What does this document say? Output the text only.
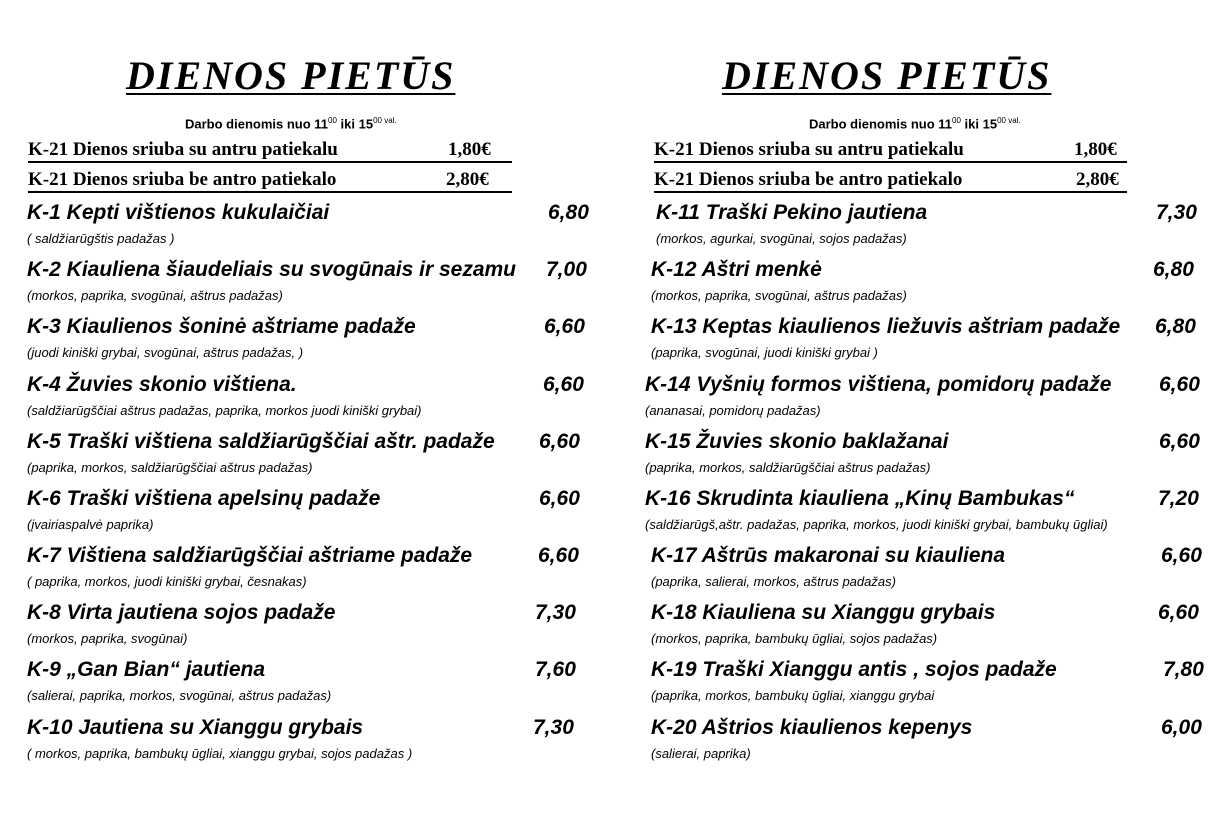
DIENOS PIETŪS
Darbo dienomis nuo $11^{00}$ iki $15^{00 val.}$
K-21 Dienos sriuba su antru patiekalu	1,80€
K-21 Dienos sriuba be antro patiekalo	2,80€
K-1 Kepti vištienos kukulaičiai	6,80
( saldžiarūgštis padažas )
K-2 Kiauliena šiaudeliais su svogūnais ir sezamu 7,00
(morkos, paprika, svogūnai, aštrus padažas)
K-3 Kiaulienos šoninė aštriame padaže	6,60
(juodi kiniški grybai, svogūnai, aštrus padažas, )
K-4 Žuvies skonio vištiena.	6,60
(saldžiarūgščiai aštrus padažas, paprika, morkos juodi kiniški grybai)
K-5 Traški vištiena saldžiarūgščiai aštr. padaže 6,60
(paprika, morkos, saldžiarūgščiai aštrus padažas)
K-6 Traški vištiena apelsinų padaže	6,60
(įvairiaspalvė paprika)
K-7 Vištiena saldžiarūgščiai aštriame padaže	6,60
( paprika, morkos, juodi kiniški grybai, česnakas)
K-8 Virta jautiena sojos padaže	7,30
(morkos, paprika, svogūnai)
K-9 „Gan Bian“ jautiena	7,60
(salierai, paprika, morkos, svogūnai, aštrus padažas)
K-10 Jautiena su Xianggu grybais	7,30
( morkos, paprika, bambukų ūgliai, xianggu grybai, sojos padažas )
DIENOS PIETŪS
Darbo dienomis nuo $11^{00}$ iki $15^{00 val.}$
K-21 Dienos sriuba su antru patiekalu	1,80€
K-21 Dienos sriuba be antro patiekalo	2,80€
K-11 Traški Pekino jautiena	7,30
(morkos, agurkai, svogūnai, sojos padažas)
K-12 Aštri menkė	6,80
(morkos, paprika, svogūnai, aštrus padažas)
K-13 Keptas kiaulienos liežuvis aštriam padaže 6,80
(paprika, svogūnai, juodi kiniški grybai )
K-14 Vyšnių formos vištiena, pomidorų padaže 6,60
(ananasai, pomidorų padažas)
K-15 Žuvies skonio baklažanai	6,60
(paprika, morkos, saldžiarūgščiai aštrus padažas)
K-16 Skrudinta kiauliena „Kinų Bambukas“	7,20
(saldžiarūgš,aštr. padažas, paprika, morkos, juodi kiniški grybai, bambukų ūgliai)
K-17 Aštrūs makaronai su kiauliena	6,60
(paprika, salierai, morkos, aštrus padažas)
K-18 Kiauliena su Xianggu grybais	6,60
(morkos, paprika, bambukų ūgliai, sojos padažas)
K-19 Traški Xianggu antis , sojos padaže	7,80
(paprika, morkos, bambukų ūgliai, xianggu grybai
K-20 Aštrios kiaulienos kepenys	6,00
(salierai, paprika)
